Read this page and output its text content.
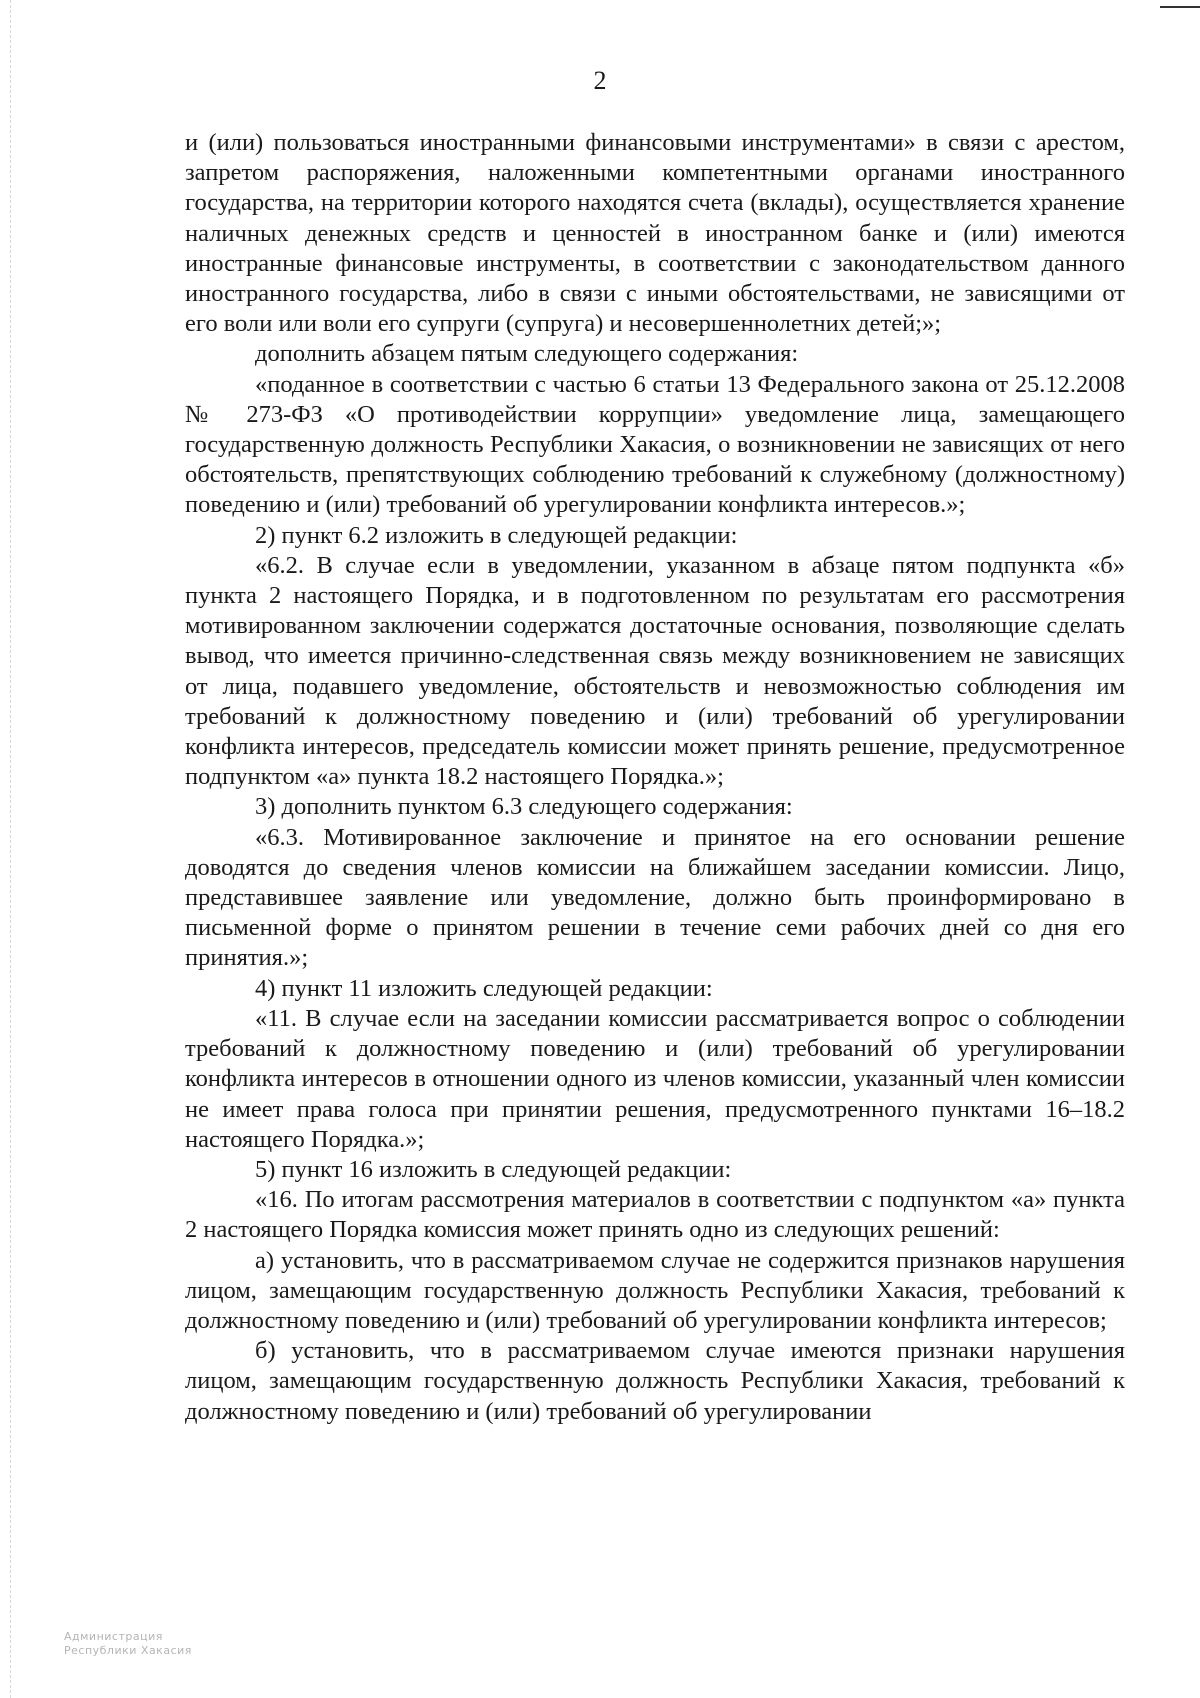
2

и (или) пользоваться иностранными финансовыми инструментами» в связи с арестом, запретом распоряжения, наложенными компетентными органами иностранного государства, на территории которого находятся счета (вклады), осуществляется хранение наличных денежных средств и ценностей в иностранном банке и (или) имеются иностранные финансовые инструменты, в соответствии с законодательством данного иностранного государства, либо в связи с иными обстоятельствами, не зависящими от его воли или воли его супруги (супруга) и несовершеннолетних детей;»;

дополнить абзацем пятым следующего содержания:

«поданное в соответствии с частью 6 статьи 13 Федерального закона от 25.12.2008 № 273-ФЗ «О противодействии коррупции» уведомление лица, замещающего государственную должность Республики Хакасия, о возникновении не зависящих от него обстоятельств, препятствующих соблюдению требований к служебному (должностному) поведению и (или) требований об урегулировании конфликта интересов.»;

2) пункт 6.2 изложить в следующей редакции:

«6.2. В случае если в уведомлении, указанном в абзаце пятом подпункта «б» пункта 2 настоящего Порядка, и в подготовленном по результатам его рассмотрения мотивированном заключении содержатся достаточные основания, позволяющие сделать вывод, что имеется причинно-следственная связь между возникновением не зависящих от лица, подавшего уведомление, обстоятельств и невозможностью соблюдения им требований к должностному поведению и (или) требований об урегулировании конфликта интересов, председатель комиссии может принять решение, предусмотренное подпунктом «а» пункта 18.2 настоящего Порядка.»;

3) дополнить пунктом 6.3 следующего содержания:

«6.3. Мотивированное заключение и принятое на его основании решение доводятся до сведения членов комиссии на ближайшем заседании комиссии. Лицо, представившее заявление или уведомление, должно быть проинформировано в письменной форме о принятом решении в течение семи рабочих дней со дня его принятия.»;

4) пункт 11 изложить следующей редакции:

«11. В случае если на заседании комиссии рассматривается вопрос о соблюдении требований к должностному поведению и (или) требований об урегулировании конфликта интересов в отношении одного из членов комиссии, указанный член комиссии не имеет права голоса при принятии решения, предусмотренного пунктами 16–18.2 настоящего Порядка.»;

5) пункт 16 изложить в следующей редакции:

«16. По итогам рассмотрения материалов в соответствии с подпунктом «а» пункта 2 настоящего Порядка комиссия может принять одно из следующих решений:

а) установить, что в рассматриваемом случае не содержится признаков нарушения лицом, замещающим государственную должность Республики Хакасия, требований к должностному поведению и (или) требований об урегулировании конфликта интересов;

б) установить, что в рассматриваемом случае имеются признаки нарушения лицом, замещающим государственную должность Республики Хакасия, требований к должностному поведению и (или) требований об урегулировании

Администрация
Республики Хакасия
